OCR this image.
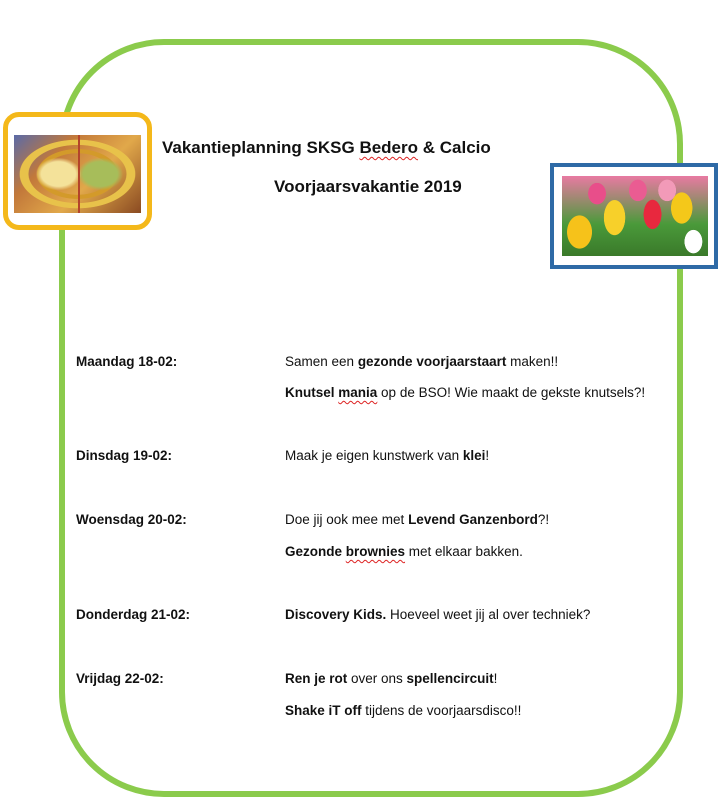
Vakantieplanning SKSG Bedero & Calcio
Voorjaarsvakantie 2019
Maandag 18-02:	Samen een gezonde voorjaarstaart maken!!
Knutsel mania op de BSO! Wie maakt de gekste knutsels?!
Dinsdag 19-02:	Maak je eigen kunstwerk van klei!
Woensdag 20-02:	Doe jij ook mee met Levend Ganzenbord?!
Gezonde brownies met elkaar bakken.
Donderdag 21-02:	Discovery Kids. Hoeveel weet jij al over techniek?
Vrijdag 22-02:	Ren je rot over ons spellencircuit!
Shake iT off tijdens de voorjaarsdisco!!
